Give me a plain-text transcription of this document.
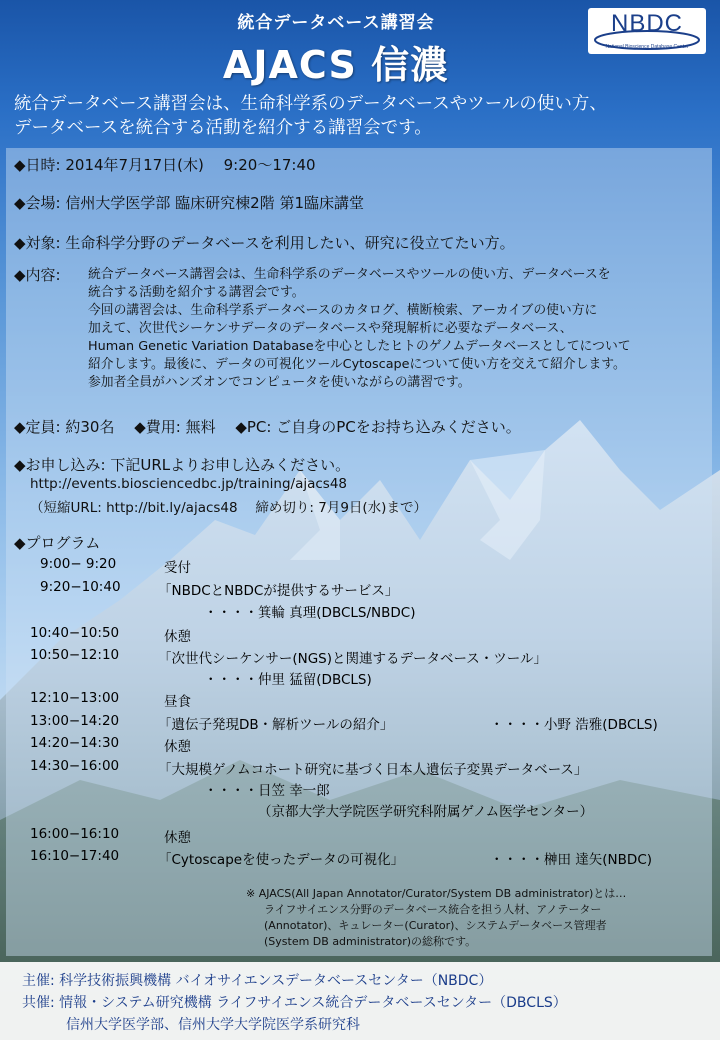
統合データベース講習会
AJACS 信濃
NBDC
National Bioscience Database Center
統合データベース講習会は、生命科学系のデータベースやツールの使い方、
データベースを統合する活動を紹介する講習会です。
◆日時: 2014年7月17日(木)　 9:20〜17:40
◆会場: 信州大学医学部 臨床研究棟2階 第1臨床講堂
◆対象: 生命科学分野のデータベースを利用したい、研究に役立てたい方。
◆内容: 統合データベース講習会は、生命科学系のデータベースやツールの使い方、データベースを
統合する活動を紹介する講習会です。
今回の講習会は、生命科学系データベースのカタログ、横断検索、アーカイブの使い方に
加えて、次世代シーケンサデータのデータベースや発現解析に必要なデータベース、
Human Genetic Variation Databaseを中心としたヒトのゲノムデータベースとしてについて
紹介します。最後に、データの可視化ツールCytoscapeについて使い方を交えて紹介します。
参加者全員がハンズオンでコンピュータを使いながらの講習です。
◆定員: 約30名　 ◆費用: 無料　 ◆PC: ご自身のPCをお持ち込みください。
◆お申し込み: 下記URLよりお申し込みください。
http://events.biosciencedbc.jp/training/ajacs48
（短縮URL: http://bit.ly/ajacs48　 締め切り: 7月9日(水)まで）
◆プログラム
9:00− 9:20	受付
9:20−10:40	「NBDCとNBDCが提供するサービス」
・・・・箕輪 真理(DBCLS/NBDC)
10:40−10:50	休憩
10:50−12:10	「次世代シーケンサー(NGS)と関連するデータベース・ツール」
・・・・仲里 猛留(DBCLS)
12:10−13:00	昼食
13:00−14:20	「遺伝子発現DB・解析ツールの紹介」	・・・・小野 浩雅(DBCLS)
14:20−14:30	休憩
14:30−16:00	「大規模ゲノムコホート研究に基づく日本人遺伝子変異データベース」
・・・・日笠 幸一郎
（京都大学大学院医学研究科附属ゲノム医学センター）
16:00−16:10	休憩
16:10−17:40	「Cytoscapeを使ったデータの可視化」	・・・・榊田 達矢(NBDC)
※ AJACS(All Japan Annotator/Curator/System DB administrator)とは…
ライフサイエンス分野のデータベース統合を担う人材、アノテーター
(Annotator)、キュレーター(Curator)、システムデータベース管理者
(System DB administrator)の総称です。
主催: 科学技術振興機構 バイオサイエンスデータベースセンター（NBDC）
共催: 情報・システム研究機構 ライフサイエンス統合データベースセンター（DBCLS）
信州大学医学部、信州大学大学院医学系研究科
